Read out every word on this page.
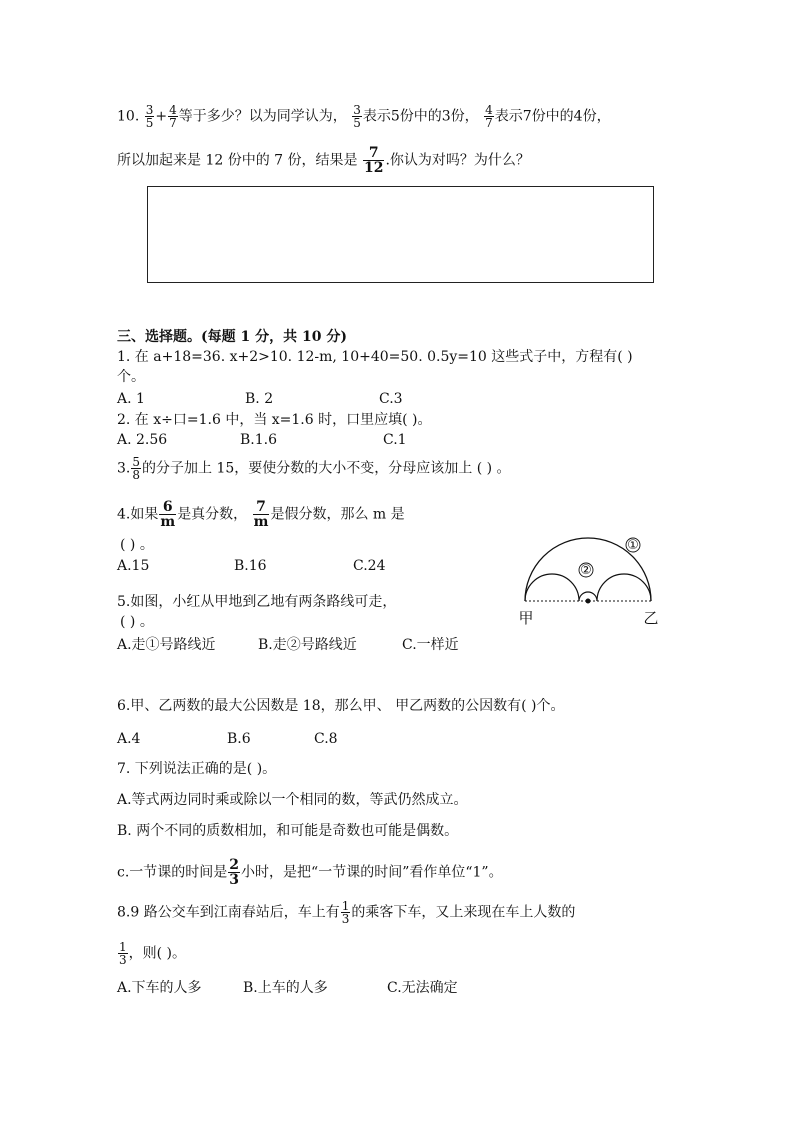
10. $\frac{3}{5} + \frac{4}{7}$ 等于多少？以为同学认为， $\frac{3}{5}$ 表示5份中的3份， $\frac{4}{7}$ 表示7份中的4份，
所以加起来是 12 份中的 7 份，结果是 $\frac{7}{12}$ .你认为对吗？为什么？
三、选择题。(每题 1 分，共 10 分)
1. 在 a+18=36. x+2>10. 12-m, 10+40=50. 0.5y=10 这些式子中，方程有( )
个。
A. 1	B. 2	C.3
2. 在 x÷口=1.6 中，当 x=1.6 时，口里应填( )。
A. 2.56	B.1.6	C.1
3. $\frac{5}{8}$ 的分子加上 15，要使分数的大小不变，分母应该加上 ( ) 。
4.如果 $\frac{6}{m}$ 是真分数， $\frac{7}{m}$ 是假分数，那么 m 是
( ) 。
A.15	B.16	C.24
5.如图，小红从甲地到乙地有两条路线可走，
( ) 。
A.走①号路线近	B.走②号路线近	C.一样近
①
②
甲	乙
6.甲、乙两数的最大公因数是 18，那么甲、 甲乙两数的公因数有( )个。
A.4	B.6	C.8
7. 下列说法正确的是( )。
A.等式两边同时乘或除以一个相同的数，等武仍然成立。
B. 两个不同的质数相加，和可能是奇数也可能是偶数。
c.一节课的时间是 $\frac{2}{3}$ 小时，是把“一节课的时间”看作单位“1”。
8.9 路公交车到江南春站后，车上有 $\frac{1}{3}$ 的乘客下车，又上来现在车上人数的
$\frac{1}{3}$ ，则( )。
A.下车的人多	B.上车的人多	C.无法确定
